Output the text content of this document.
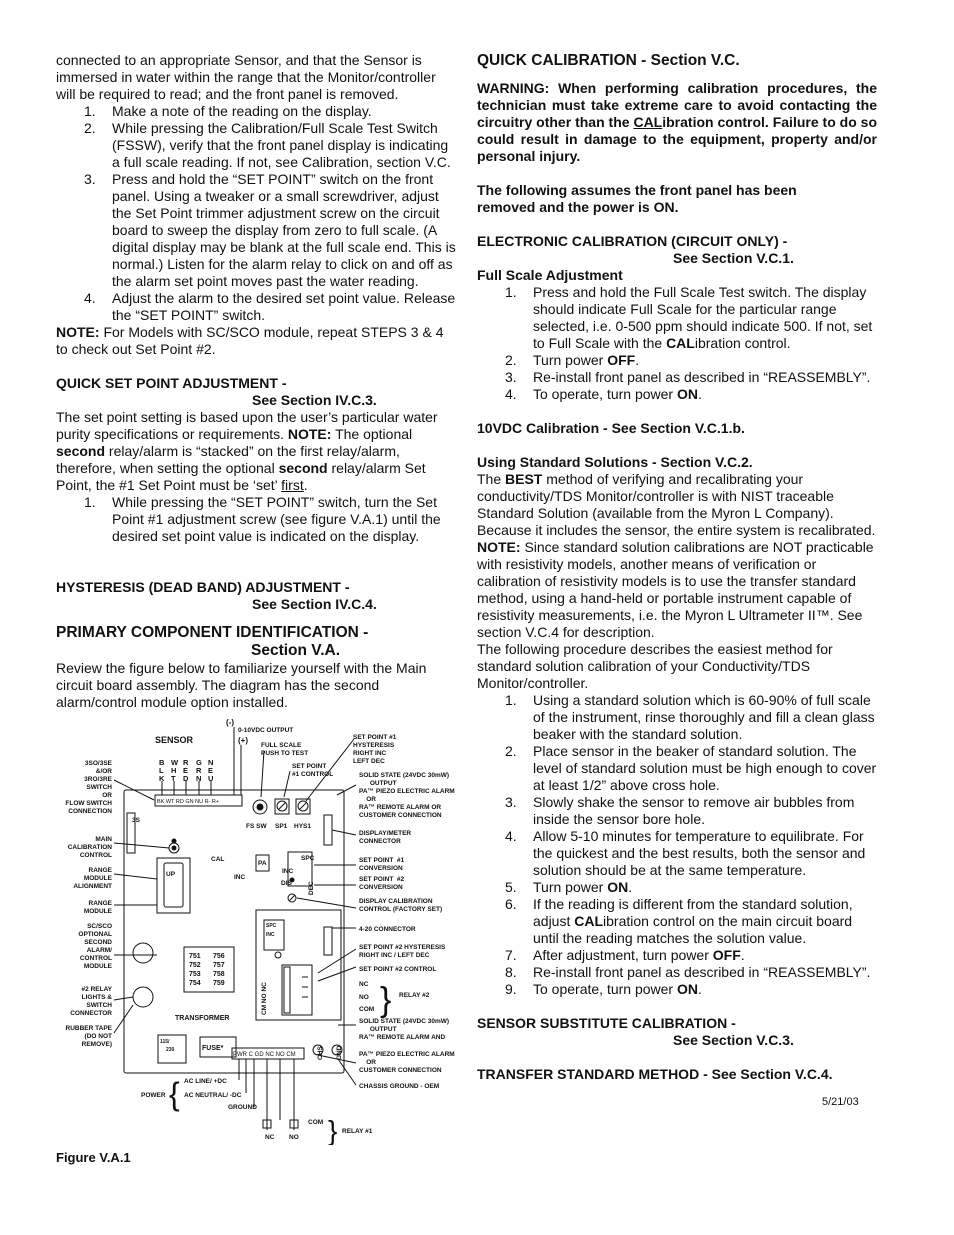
connected to an appropriate Sensor, and that the Sensor is immersed in water within the range that the Monitor/controller will be required to read; and the front panel is removed.

1. Make a note of the reading on the display.
2. While pressing the Calibration/Full Scale Test Switch (FSSW), verify that the front panel display is indicating a full scale reading. If not, see Calibration, section V.C.
3. Press and hold the “SET POINT” switch on the front panel. Using a tweaker or a small screwdriver, adjust the Set Point trimmer adjustment screw on the circuit board to sweep the display from zero to full scale. (A digital display may be blank at the full scale end. This is normal.) Listen for the alarm relay to click on and off as the alarm set point moves past the water reading.
4. Adjust the alarm to the desired set point value. Release the “SET POINT” switch.

NOTE: For Models with SC/SCO module, repeat STEPS 3 & 4 to check out Set Point #2.

QUICK SET POINT ADJUSTMENT -

See Section IV.C.3.

The set point setting is based upon the user’s particular water purity specifications or requirements. NOTE: The optional second relay/alarm is “stacked” on the first relay/alarm, therefore, when setting the optional second relay/alarm Set Point, the #1 Set Point must be ‘set’ first.

1. While pressing the “SET POINT” switch, turn the Set Point #1 adjustment screw (see figure V.A.1) until the desired set point value is indicated on the display.

HYSTERESIS (DEAD BAND) ADJUSTMENT -

See Section IV.C.4.

PRIMARY COMPONENT IDENTIFICATION -

Section V.A.

Review the figure below to familiarize yourself with the Main circuit board assembly. The diagram has the second alarm/control module option installed.

SENSOR
B
L
K
W
H
T
R
E
D
G
R
N
N
E
U
BK WT RD GN NU R- R+
(-)
0-10VDC OUTPUT
(+)
FULL SCALE
PUSH TO TEST
SET POINT
#1 CONTROL
SET POINT #1
HYSTERESIS
RIGHT INC
LEFT DEC
FS SW SP1 HYS1
3S
CAL
PA
INC
INC
DIS
SPC
DEC
UP
SPC
INC
CM NO NC
CHS GND
751 756
752 757
753 758
754 759
TRANSFORMER
FUSE*
115/
230
PWR C GD NC NO CM
3SO/3SE
&/OR
3RO/3RE
SWITCH
OR
FLOW SWITCH
CONNECTION
MAIN
CALIBRATION
CONTROL
RANGE
MODULE
ALIGNMENT
RANGE
MODULE
SC/SCO
OPTIONAL
SECOND
ALARM/
CONTROL
MODULE
#2 RELAY
LIGHTS &
SWITCH
CONNECTOR
RUBBER TAPE
(DO NOT
REMOVE)
SOLID STATE (24VDC 30mW)
OUTPUT
PA™ PIEZO ELECTRIC ALARM
OR
RA™ REMOTE ALARM OR
CUSTOMER CONNECTION
DISPLAY/METER
CONNECTOR
SET POINT  #1
CONVERSION
SET POINT  #2
CONVERSION
DISPLAY CALIBRATION
CONTROL (FACTORY SET)
4-20 CONNECTOR
SET POINT #2 HYSTERESIS
RIGHT INC / LEFT DEC
SET POINT #2 CONTROL
NC
NO
COM
RELAY #2
SOLID STATE (24VDC 30mW)
OUTPUT
RA™ REMOTE ALARM AND
PA™ PIEZO ELECTRIC ALARM
OR
CUSTOMER CONNECTION
CHASSIS GROUND - OEM
}
AC LINE/ +DC
AC NEUTRAL/ -DC
GROUND
POWER
COM
NC NO
RELAY #1
{
}
Figure V.A.1

QUICK CALIBRATION - Section V.C.

WARNING: When performing calibration procedures, the technician must take extreme care to avoid contacting the circuitry other than the CALibration control. Failure to do so could result in damage to the equipment, property and/or personal injury.

The following assumes the front panel has been removed and the power is ON.

ELECTRONIC CALIBRATION (CIRCUIT ONLY) -

See Section V.C.1.

Full Scale Adjustment

1. Press and hold the Full Scale Test switch. The display should indicate Full Scale for the particular range selected, i.e. 0-500 ppm should indicate 500. If not, set to Full Scale with the CALibration control.
2. Turn power OFF.
3. Re-install front panel as described in “REASSEMBLY”.
4. To operate, turn power ON.

10VDC Calibration - See Section V.C.1.b.

Using Standard Solutions - Section V.C.2.

The BEST method of verifying and recalibrating your conductivity/TDS Monitor/controller is with NIST traceable Standard Solution (available from the Myron L Company). Because it includes the sensor, the entire system is recalibrated. NOTE: Since standard solution calibrations are NOT practicable with resistivity models, another means of verification or calibration of resistivity models is to use the transfer standard method, using a hand-held or portable instrument capable of resistivity measurements, i.e. the Myron L Ultrameter II™. See section V.C.4 for description.

The following procedure describes the easiest method for standard solution calibration of your Conductivity/TDS Monitor/controller.

1. Using a standard solution which is 60-90% of full scale of the instrument, rinse thoroughly and fill a clean glass beaker with the standard solution.
2. Place sensor in the beaker of standard solution. The level of standard solution must be high enough to cover at least 1/2” above cross hole.
3. Slowly shake the sensor to remove air bubbles from inside the sensor bore hole.
4. Allow 5-10 minutes for temperature to equilibrate. For the quickest and the best results, both the sensor and solution should be at the same temperature.
5. Turn power ON.
6. If the reading is different from the standard solution, adjust CALibration control on the main circuit board until the reading matches the solution value.
7. After adjustment, turn power OFF.
8. Re-install front panel as described in “REASSEMBLY”.
9. To operate, turn power ON.

SENSOR SUBSTITUTE CALIBRATION -

See Section V.C.3.

TRANSFER STANDARD METHOD - See Section V.C.4.

5/21/03
